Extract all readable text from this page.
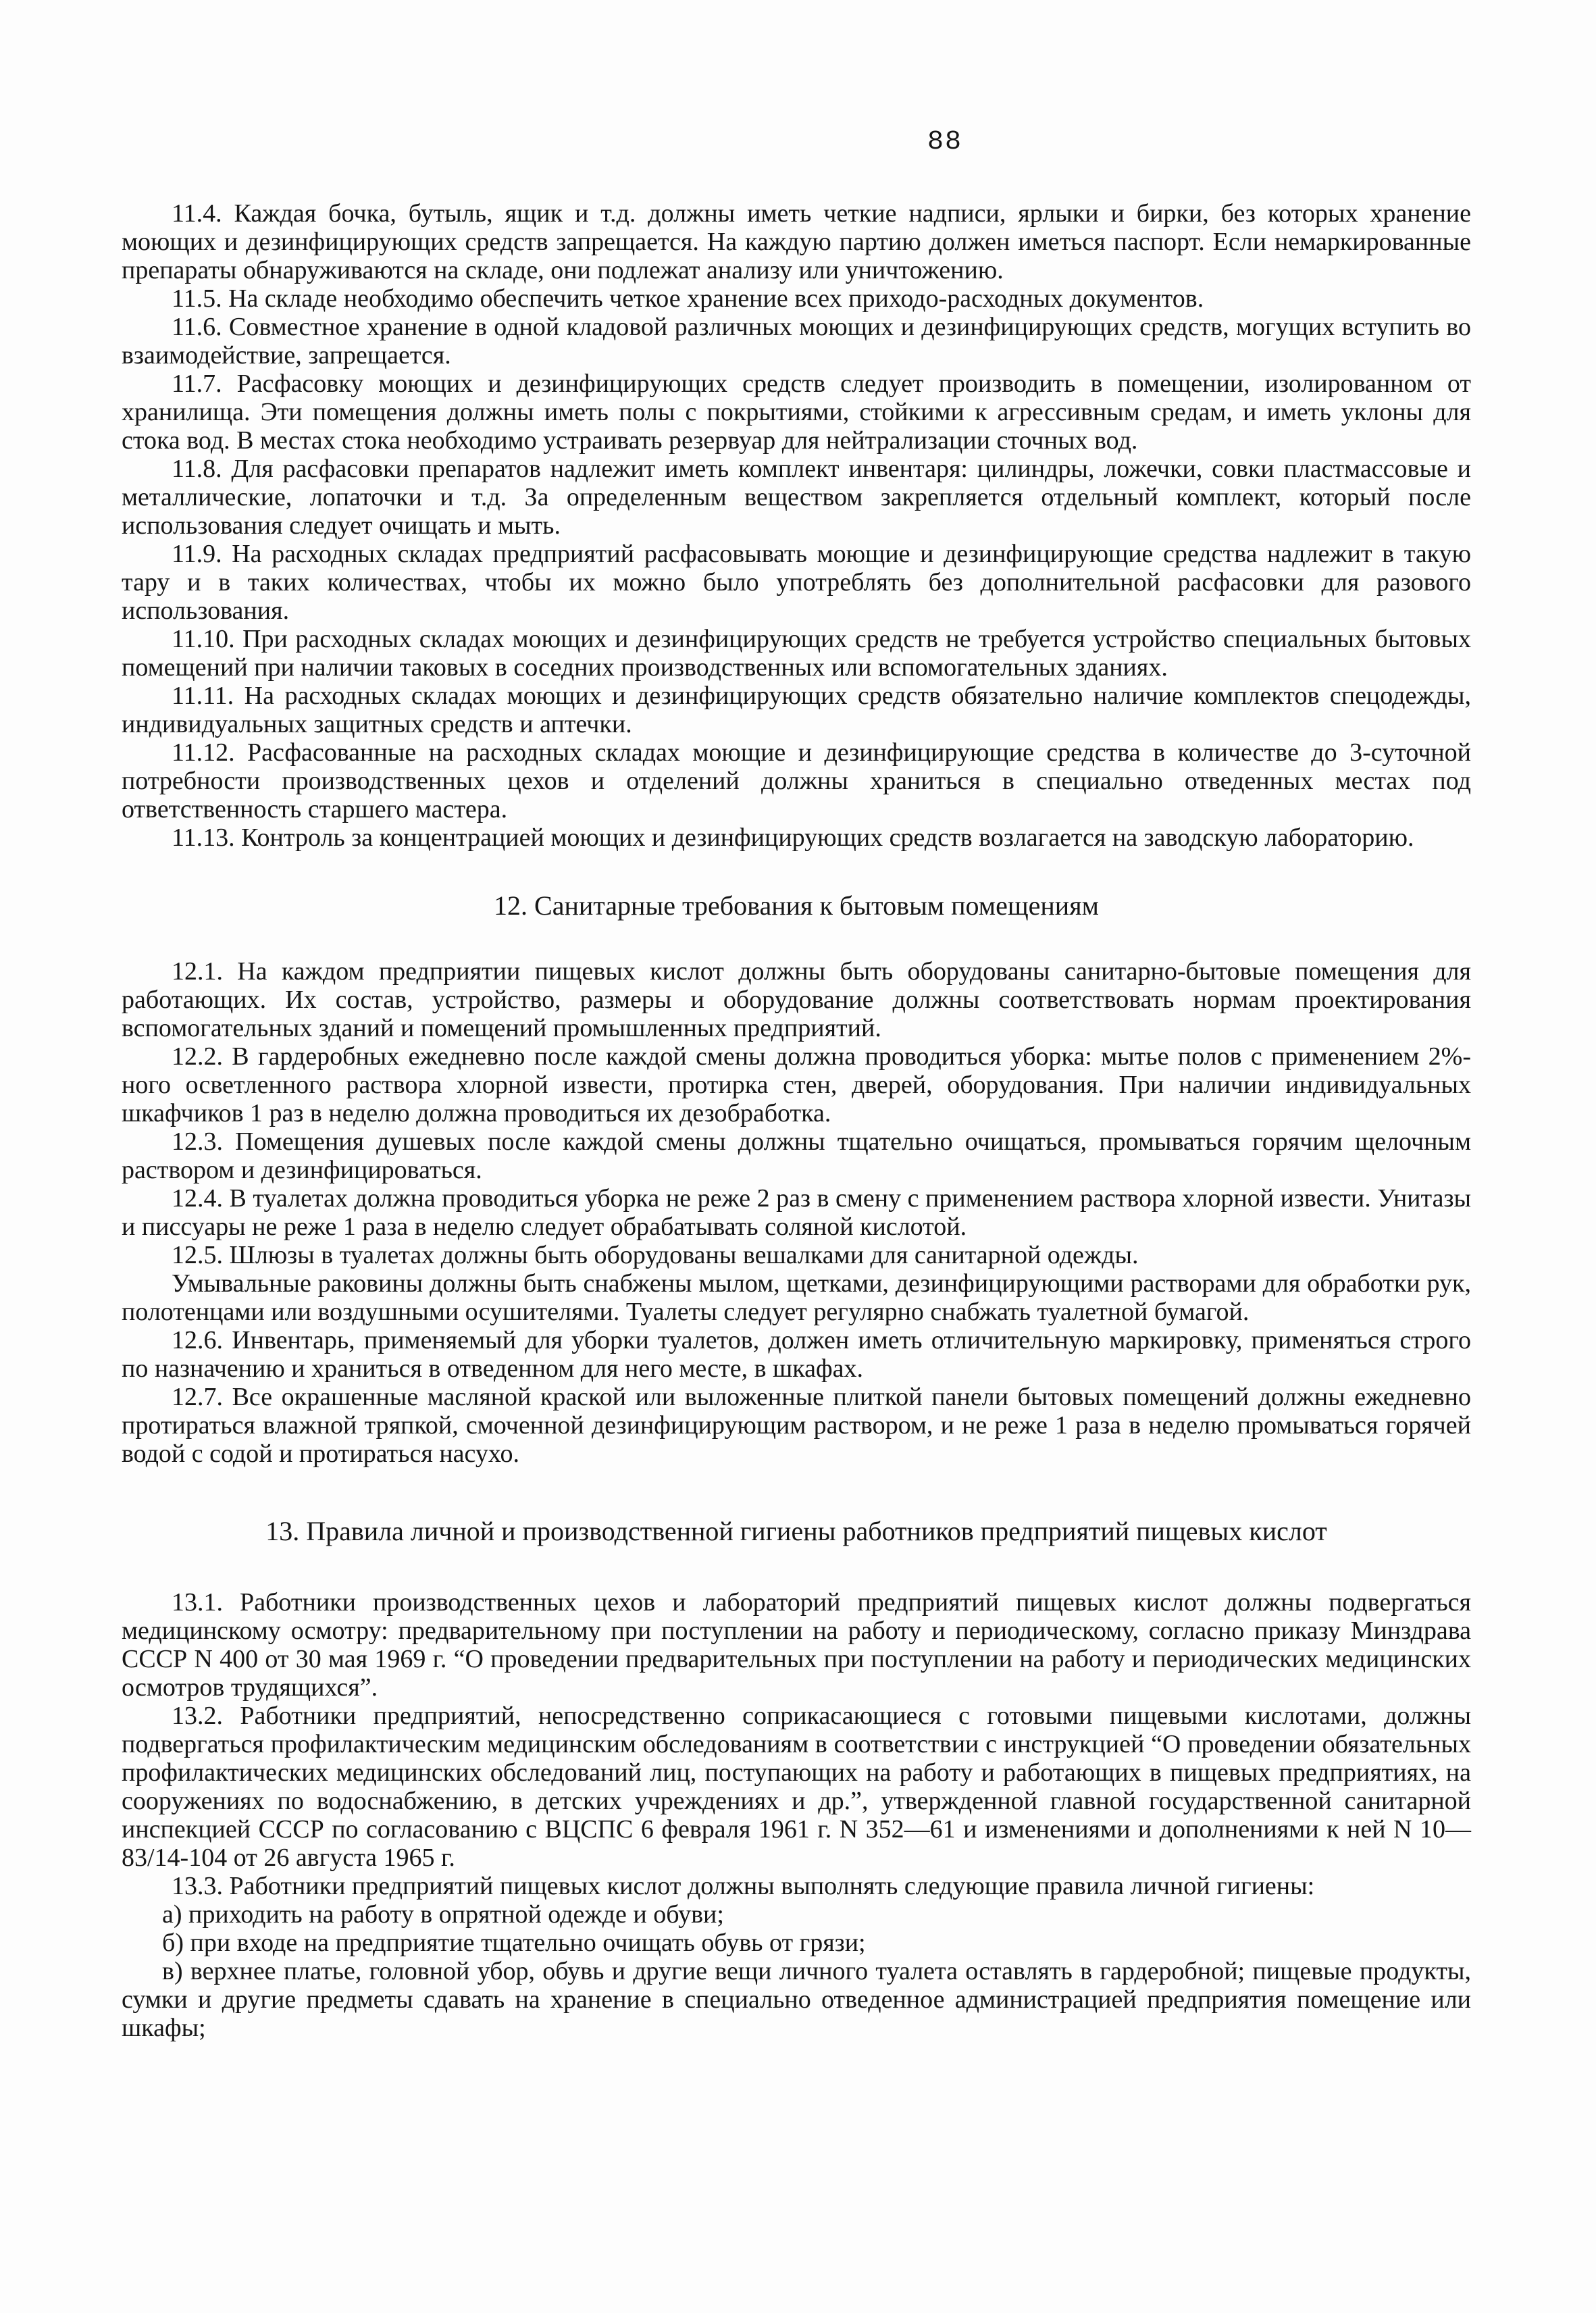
88

11.4. Каждая бочка, бутыль, ящик и т.д. должны иметь четкие надписи, ярлыки и бирки, без которых хранение моющих и дезинфицирующих средств запрещается. На каждую партию должен иметься паспорт. Если немаркированные препараты обнаруживаются на складе, они подлежат анализу или уничтожению.

11.5. На складе необходимо обеспечить четкое хранение всех приходо-расходных документов.

11.6. Совместное хранение в одной кладовой различных моющих и дезинфицирующих средств, могущих вступить во взаимодействие, запрещается.

11.7. Расфасовку моющих и дезинфицирующих средств следует производить в помещении, изолированном от хранилища. Эти помещения должны иметь полы с покрытиями, стойкими к агрессивным средам, и иметь уклоны для стока вод. В местах стока необходимо устраивать резервуар для нейтрализации сточных вод.

11.8. Для расфасовки препаратов надлежит иметь комплект инвентаря: цилиндры, ложечки, совки пластмассовые и металлические, лопаточки и т.д. За определенным веществом закрепляется отдельный комплект, который после использования следует очищать и мыть.

11.9. На расходных складах предприятий расфасовывать моющие и дезинфицирующие средства надлежит в такую тару и в таких количествах, чтобы их можно было употреблять без дополнительной расфасовки для разового использования.

11.10. При расходных складах моющих и дезинфицирующих средств не требуется устройство специальных бытовых помещений при наличии таковых в соседних производственных или вспомогательных зданиях.

11.11. На расходных складах моющих и дезинфицирующих средств обязательно наличие комплектов спецодежды, индивидуальных защитных средств и аптечки.

11.12. Расфасованные на расходных складах моющие и дезинфицирующие средства в количестве до 3-суточной потребности производственных цехов и отделений должны храниться в специально отведенных местах под ответственность старшего мастера.

11.13. Контроль за концентрацией моющих и дезинфицирующих средств возлагается на заводскую лабораторию.

12. Санитарные требования к бытовым помещениям

12.1. На каждом предприятии пищевых кислот должны быть оборудованы санитарно-бытовые помещения для работающих. Их состав, устройство, размеры и оборудование должны соответствовать нормам проектирования вспомогательных зданий и помещений промышленных предприятий.

12.2. В гардеробных ежедневно после каждой смены должна проводиться уборка: мытье полов с применением 2%-ного осветленного раствора хлорной извести, протирка стен, дверей, оборудования. При наличии индивидуальных шкафчиков 1 раз в неделю должна проводиться их дезобработка.

12.3. Помещения душевых после каждой смены должны тщательно очищаться, промываться горячим щелочным раствором и дезинфицироваться.

12.4. В туалетах должна проводиться уборка не реже 2 раз в смену с применением раствора хлорной извести. Унитазы и писсуары не реже 1 раза в неделю следует обрабатывать соляной кислотой.

12.5. Шлюзы в туалетах должны быть оборудованы вешалками для санитарной одежды.

Умывальные раковины должны быть снабжены мылом, щетками, дезинфицирующими растворами для обработки рук, полотенцами или воздушными осушителями. Туалеты следует регулярно снабжать туалетной бумагой.

12.6. Инвентарь, применяемый для уборки туалетов, должен иметь отличительную маркировку, применяться строго по назначению и храниться в отведенном для него месте, в шкафах.

12.7. Все окрашенные масляной краской или выложенные плиткой панели бытовых помещений должны ежедневно протираться влажной тряпкой, смоченной дезинфицирующим раствором, и не реже 1 раза в неделю промываться горячей водой с содой и протираться насухо.

13. Правила личной и производственной гигиены работников предприятий пищевых кислот

13.1. Работники производственных цехов и лабораторий предприятий пищевых кислот должны подвергаться медицинскому осмотру: предварительному при поступлении на работу и периодическому, согласно приказу Минздрава СССР N 400 от 30 мая 1969 г. “О проведении предварительных при поступлении на работу и периодических медицинских осмотров трудящихся”.

13.2. Работники предприятий, непосредственно соприкасающиеся с готовыми пищевыми кислотами, должны подвергаться профилактическим медицинским обследованиям в соответствии с инструкцией “О проведении обязательных профилактических медицинских обследований лиц, поступающих на работу и работающих в пищевых предприятиях, на сооружениях по водоснабжению, в детских учреждениях и др.”, утвержденной главной государственной санитарной инспекцией СССР по согласованию с ВЦСПС 6 февраля 1961 г. N 352—61 и изменениями и дополнениями к ней N 10—83/14-104 от 26 августа 1965 г.

13.3. Работники предприятий пищевых кислот должны выполнять следующие правила личной гигиены:

а) приходить на работу в опрятной одежде и обуви;

б) при входе на предприятие тщательно очищать обувь от грязи;

в) верхнее платье, головной убор, обувь и другие вещи личного туалета оставлять в гардеробной; пищевые продукты, сумки и другие предметы сдавать на хранение в специально отведенное администрацией предприятия помещение или шкафы;
